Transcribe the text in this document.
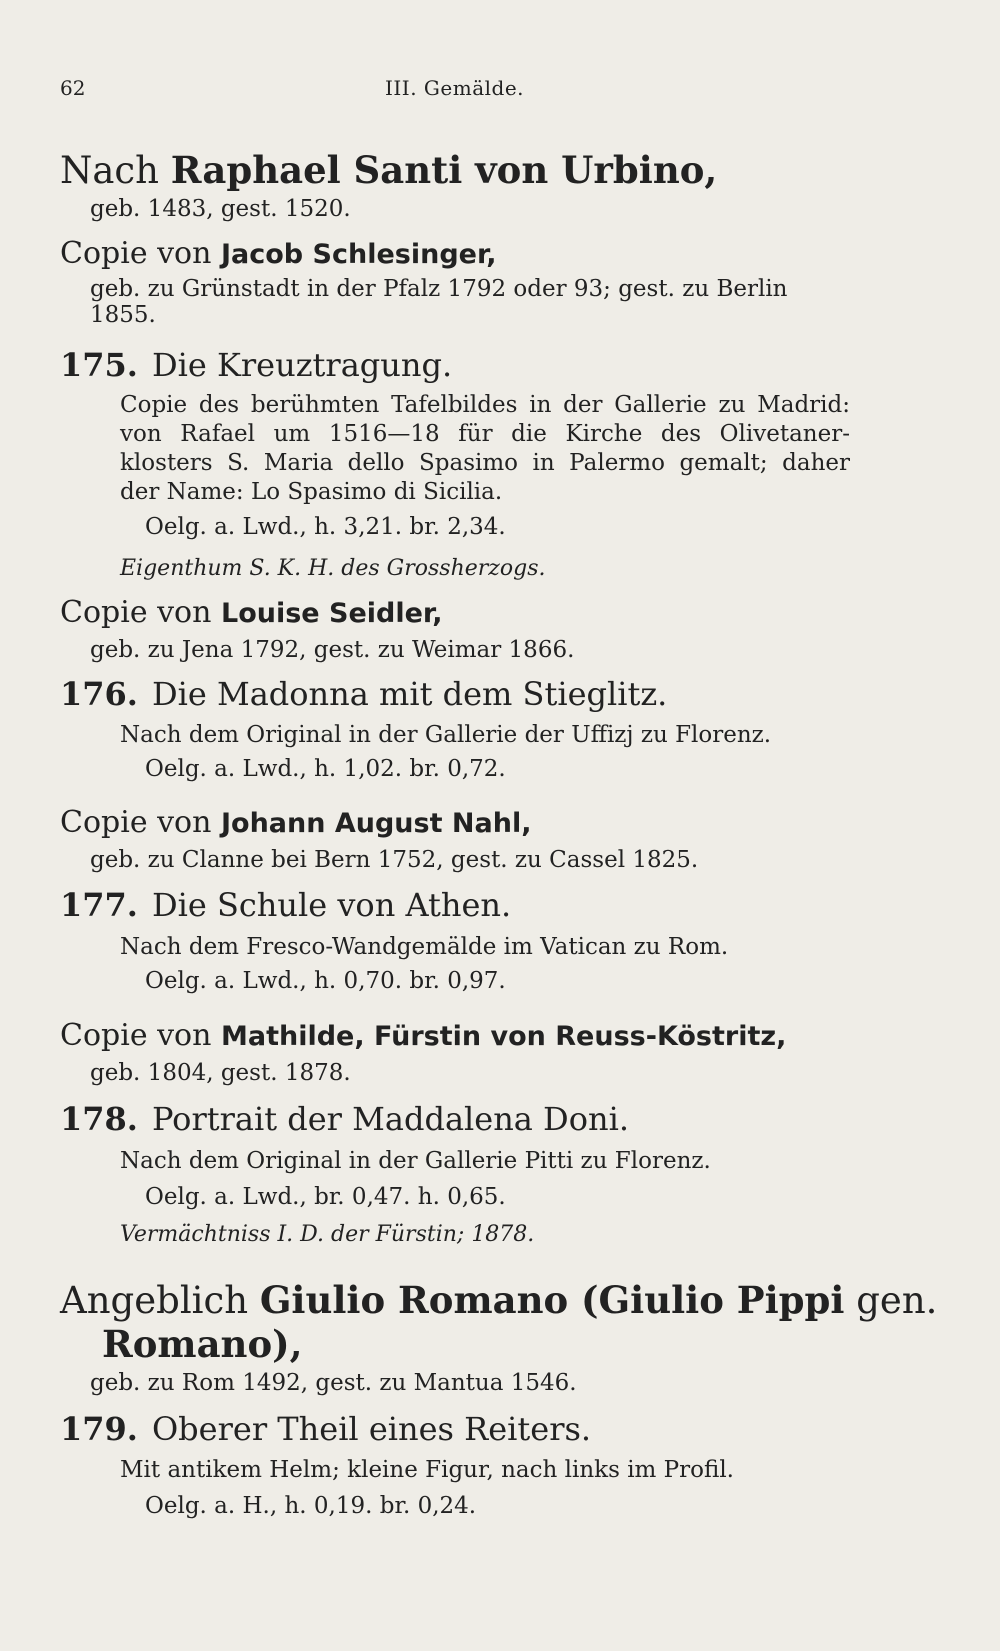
62	III. Gemälde.
Nach Raphael Santi von Urbino,
geb. 1483, gest. 1520.
Copie von Jacob Schlesinger,
geb. zu Grünstadt in der Pfalz 1792 oder 93; gest. zu Berlin
1855.
175. Die Kreuztragung.
Copie des berühmten Tafelbildes in der Gallerie zu Madrid:
von Rafael um 1516—18 für die Kirche des Olivetaner-
klosters S. Maria dello Spasimo in Palermo gemalt; daher
der Name: Lo Spasimo di Sicilia.
Oelg. a. Lwd., h. 3,21. br. 2,34.
Eigenthum S. K. H. des Grossherzogs.
Copie von Louise Seidler,
geb. zu Jena 1792, gest. zu Weimar 1866.
176. Die Madonna mit dem Stieglitz.
Nach dem Original in der Gallerie der Uffizj zu Florenz.
Oelg. a. Lwd., h. 1,02. br. 0,72.
Copie von Johann August Nahl,
geb. zu Clanne bei Bern 1752, gest. zu Cassel 1825.
177. Die Schule von Athen.
Nach dem Fresco-Wandgemälde im Vatican zu Rom.
Oelg. a. Lwd., h. 0,70. br. 0,97.
Copie von Mathilde, Fürstin von Reuss-Köstritz,
geb. 1804, gest. 1878.
178. Portrait der Maddalena Doni.
Nach dem Original in der Gallerie Pitti zu Florenz.
Oelg. a. Lwd., br. 0,47. h. 0,65.
Vermächtniss I. D. der Fürstin; 1878.
Angeblich Giulio Romano (Giulio Pippi gen.
Romano),
geb. zu Rom 1492, gest. zu Mantua 1546.
179. Oberer Theil eines Reiters.
Mit antikem Helm; kleine Figur, nach links im Profil.
Oelg. a. H., h. 0,19. br. 0,24.
